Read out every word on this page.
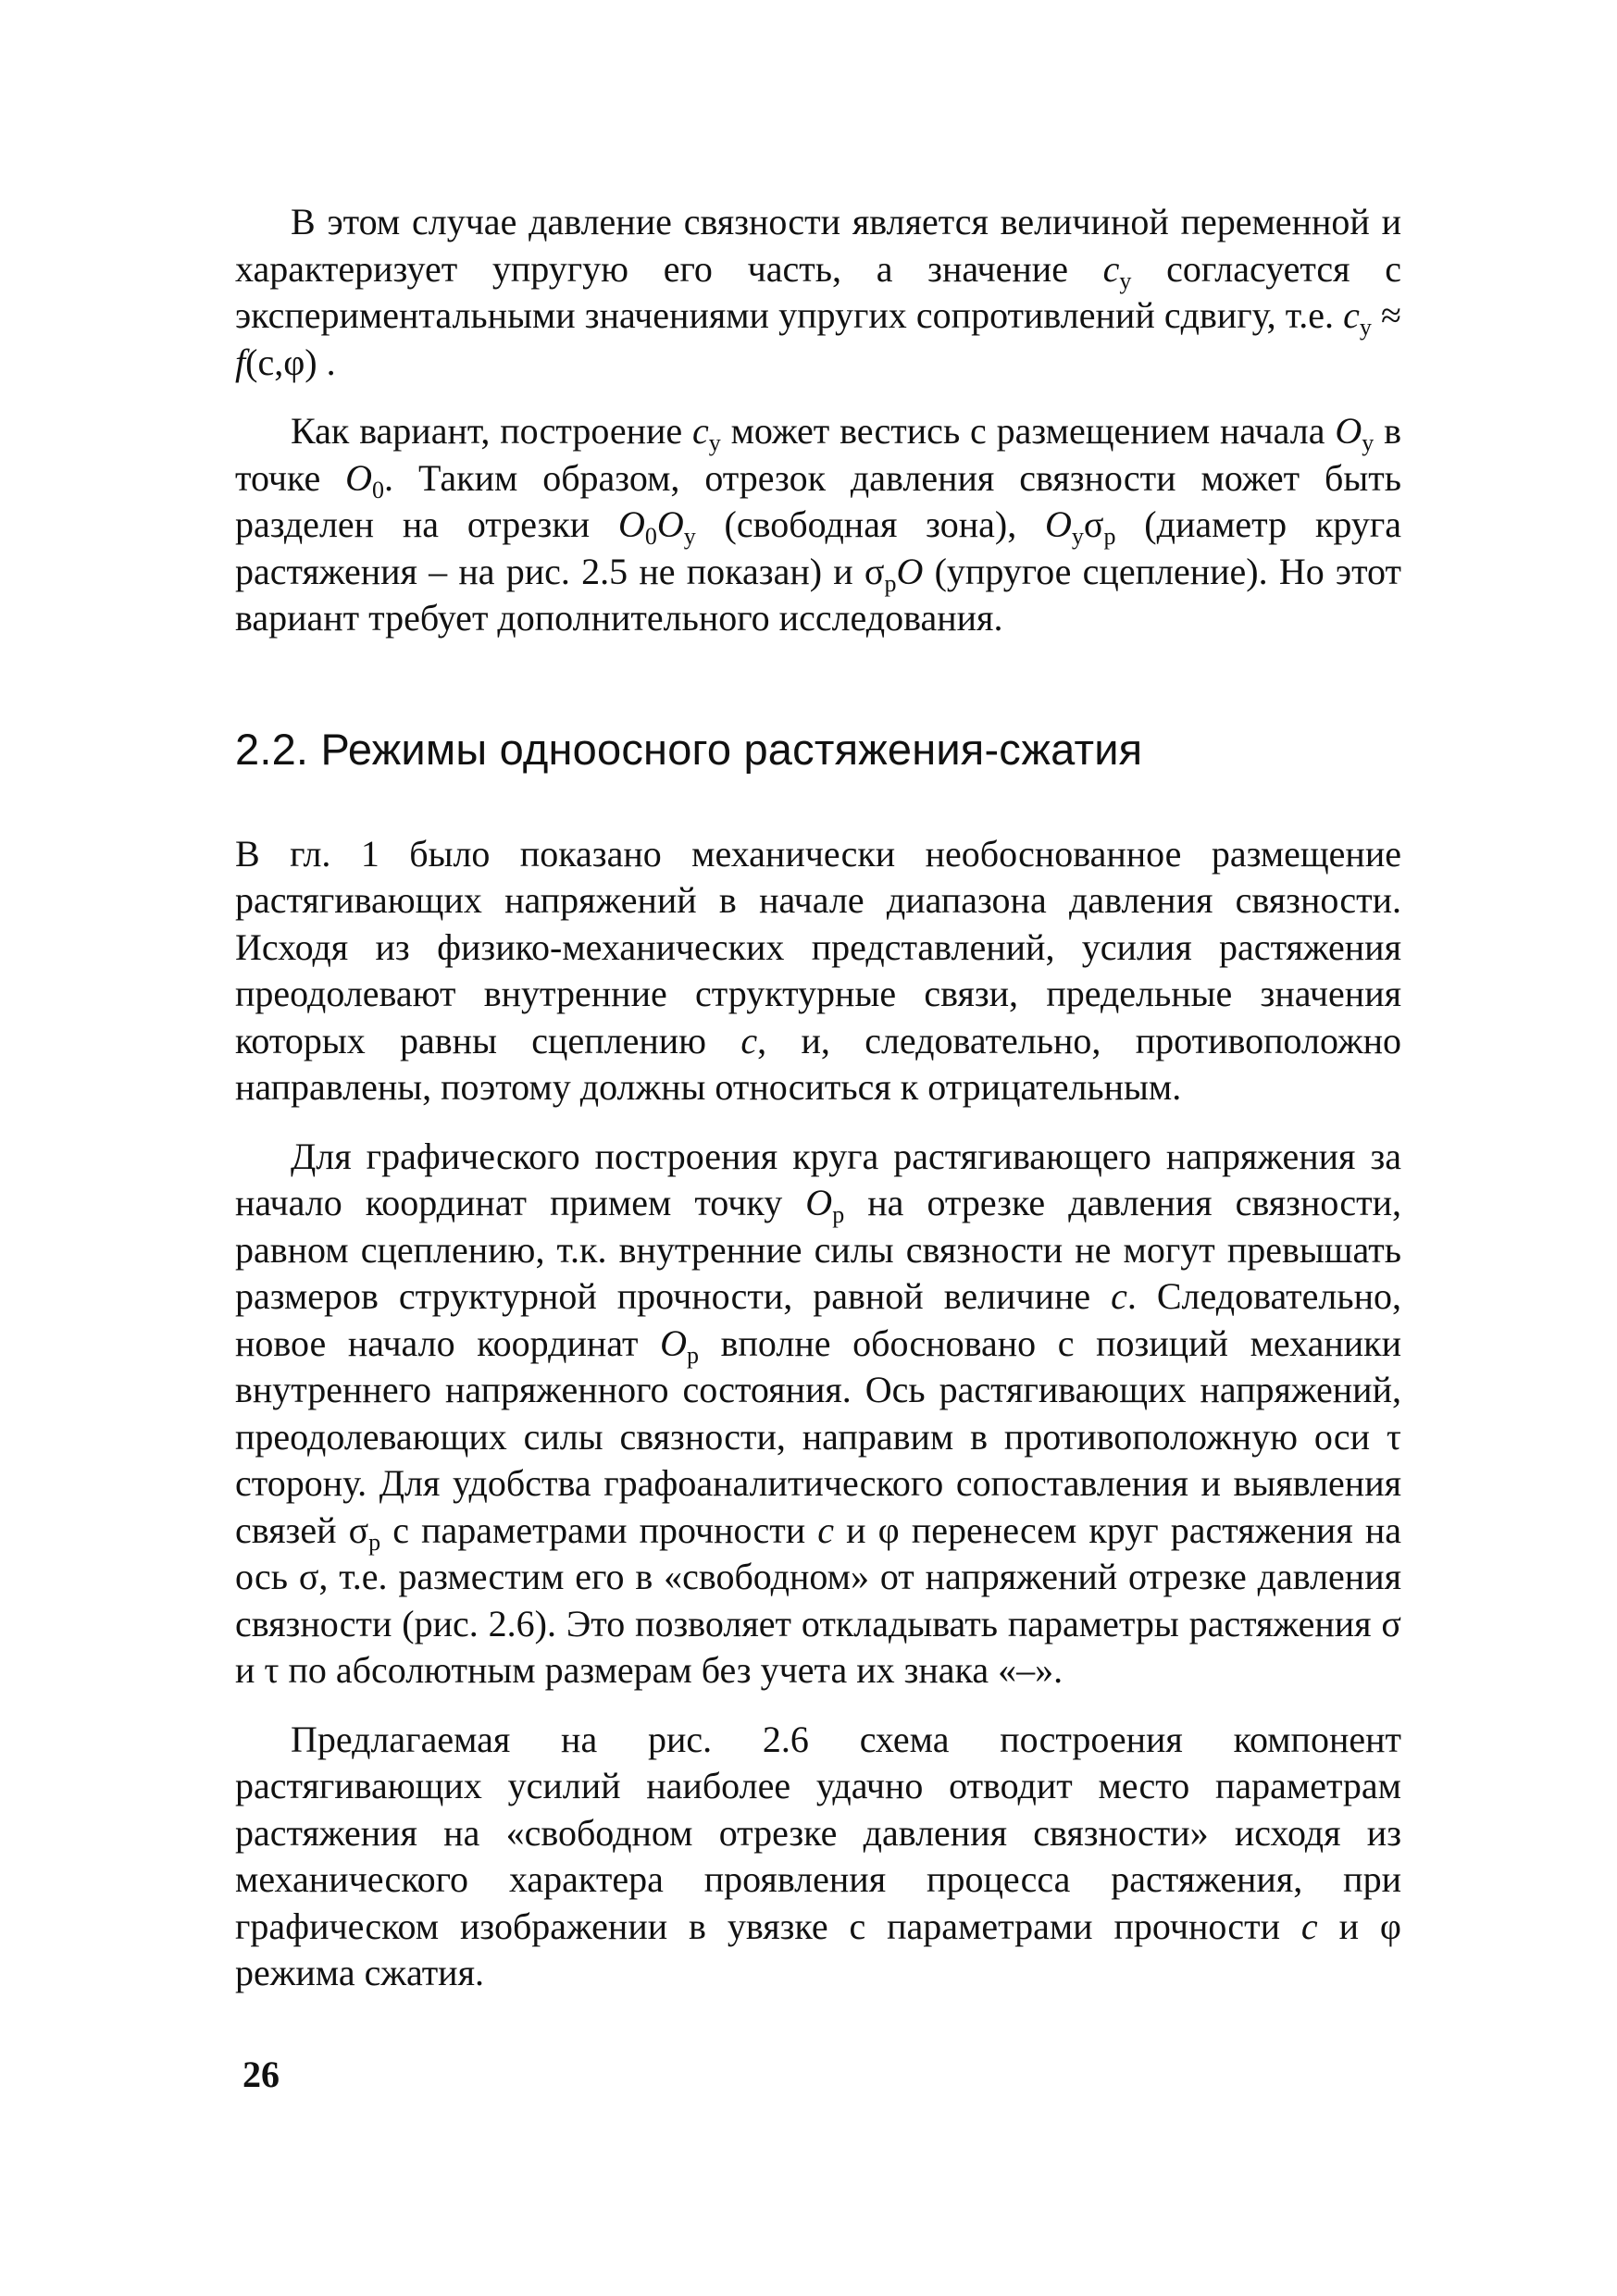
В этом случае давление связности является величиной переменной и характеризует упругую его часть, а значение $c_у$ согласуется с экспериментальными значениями упругих сопротивлений сдвигу, т.е. $c_у \approx f(c,\varphi)$ .

Как вариант, построение $c_у$ может вестись с размещением начала $O_у$ в точке $O_0$. Таким образом, отрезок давления связности может быть разделен на отрезки $O_0O_у$ (свободная зона), $O_у\sigma_р$ (диаметр круга растяжения – на рис. 2.5 не показан) и $\sigma_рO$ (упругое сцепление). Но этот вариант требует дополнительного исследования.

2.2. Режимы одноосного растяжения-сжатия

В гл. 1 было показано механически необоснованное размещение растягивающих напряжений в начале диапазона давления связности. Исходя из физико-механических представлений, усилия растяжения преодолевают внутренние структурные связи, предельные значения которых равны сцеплению c, и, следовательно, противоположно направлены, поэтому должны относиться к отрицательным.

Для графического построения круга растягивающего напряжения за начало координат примем точку $O_р$ на отрезке давления связности, равном сцеплению, т.к. внутренние силы связности не могут превышать размеров структурной прочности, равной величине c. Следовательно, новое начало координат $O_р$ вполне обосновано с позиций механики внутреннего напряженного состояния. Ось растягивающих напряжений, преодолевающих силы связности, направим в противоположную оси τ сторону. Для удобства графоаналитического сопоставления и выявления связей $\sigma_р$ с параметрами прочности c и φ перенесем круг растяжения на ось σ, т.е. разместим его в «свободном» от напряжений отрезке давления связности (рис. 2.6). Это позволяет откладывать параметры растяжения σ и τ по абсолютным размерам без учета их знака «–».

Предлагаемая на рис. 2.6 схема построения компонент растягивающих усилий наиболее удачно отводит место параметрам растяжения на «свободном отрезке давления связности» исходя из механического характера проявления процесса растяжения, при графическом изображении в увязке с параметрами прочности c и φ режима сжатия.

26
